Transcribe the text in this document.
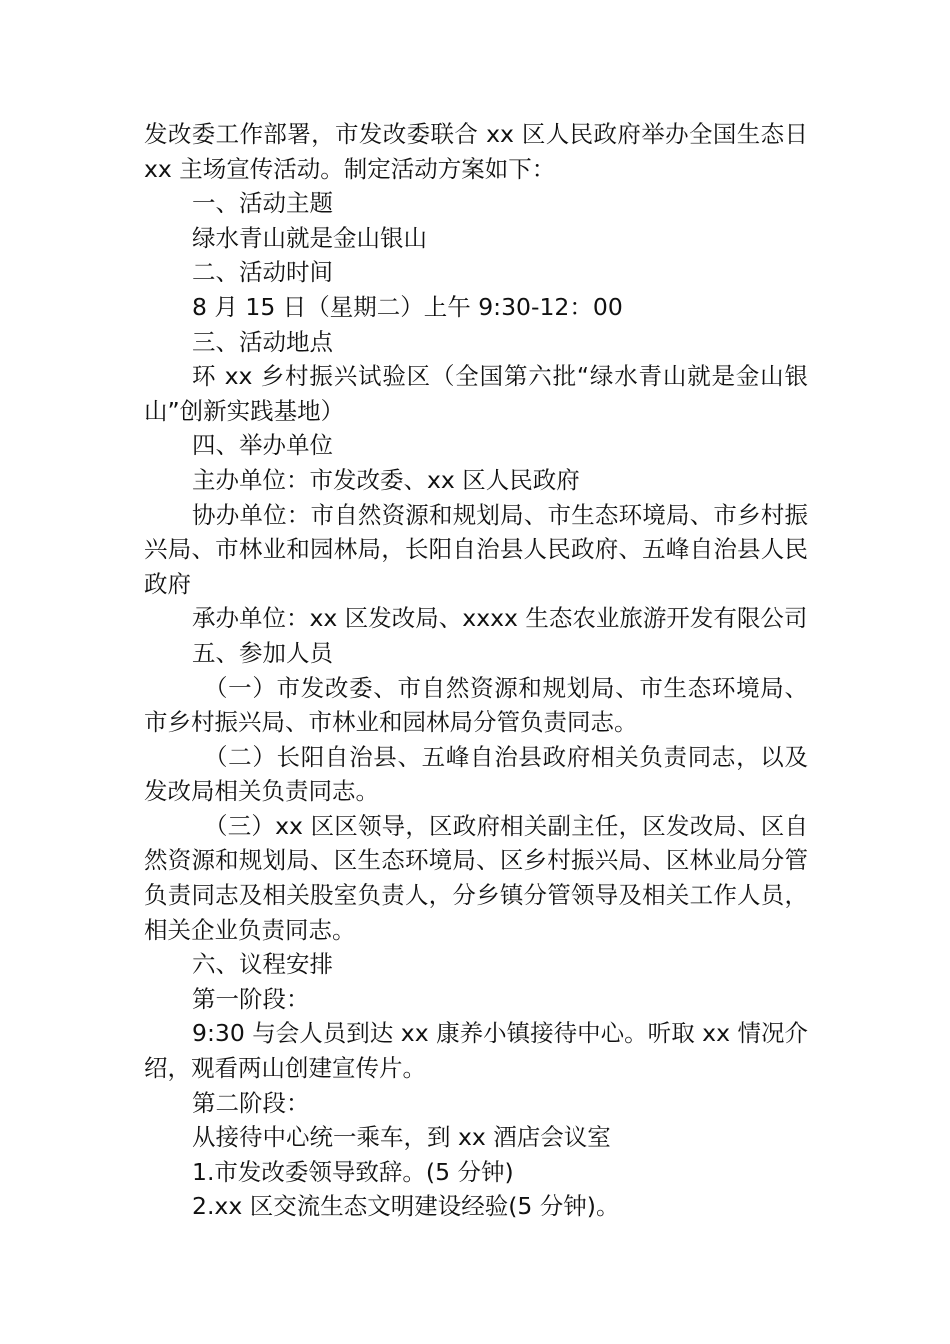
发改委工作部署，市发改委联合 xx 区人民政府举办全国生态日 xx 主场宣传活动。制定活动方案如下：

一、活动主题

绿水青山就是金山银山

二、活动时间

8 月 15 日（星期二）上午 9:30-12：00

三、活动地点

环 xx 乡村振兴试验区（全国第六批“绿水青山就是金山银山”创新实践基地）

四、举办单位

主办单位：市发改委、xx 区人民政府

协办单位：市自然资源和规划局、市生态环境局、市乡村振兴局、市林业和园林局，长阳自治县人民政府、五峰自治县人民政府

承办单位：xx 区发改局、xxxx 生态农业旅游开发有限公司

五、参加人员

（一）市发改委、市自然资源和规划局、市生态环境局、市乡村振兴局、市林业和园林局分管负责同志。

（二）长阳自治县、五峰自治县政府相关负责同志，以及发改局相关负责同志。

（三）xx 区区领导，区政府相关副主任，区发改局、区自然资源和规划局、区生态环境局、区乡村振兴局、区林业局分管负责同志及相关股室负责人，分乡镇分管领导及相关工作人员，相关企业负责同志。

六、议程安排

第一阶段：

9:30 与会人员到达 xx 康养小镇接待中心。听取 xx 情况介绍，观看两山创建宣传片。

第二阶段：

从接待中心统一乘车，到 xx 酒店会议室

1.市发改委领导致辞。(5 分钟)

2.xx 区交流生态文明建设经验(5 分钟)。
